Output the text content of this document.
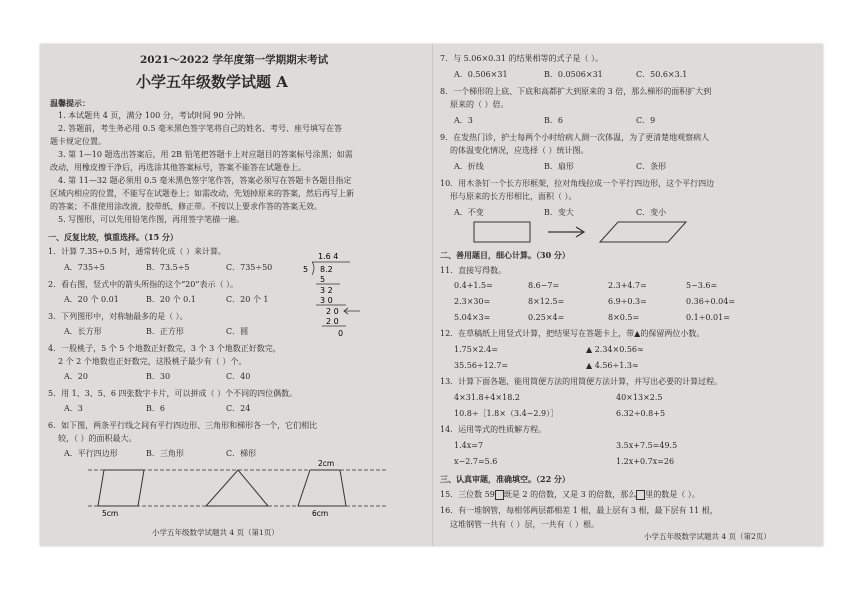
2021～2022 学年度第一学期期末考试
小学五年级数学试题 A
温馨提示：
1. 本试题共 4 页，满分 100 分，考试时间 90 分钟。
2. 答题前，考生务必用 0.5 毫米黑色签字笔将自己的姓名、考号、座号填写在答
题卡规定位置。
3. 第 1—10 题选出答案后，用 2B 铅笔把答题卡上对应题目的答案标号涂黑；如需
改动，用橡皮擦干净后，再选涂其他答案标号，答案不能答在试题卷上。
4. 第 11—32 题必须用 0.5 毫米黑色签字笔作答，答案必须写在答题卡各题目指定
区域内相应的位置，不能写在试题卷上；如需改动，先划掉原来的答案，然后再写上新
的答案；不准使用涂改液、胶带纸、修正带。不按以上要求作答的答案无效。
5. 写图形，可以先用铅笔作图，再用签字笔描一遍。
一、反复比较，慎重选择。（15 分）
1．计算 7.35÷0.5 时，通常转化成（ ）来计算。
A．735÷5	B．73.5÷5	C．735÷50
2．看右图，竖式中的箭头所指的这个“20”表示（ ）。
A．20 个 0.01	B．20 个 0.1	C．20 个 1
3．下列图形中，对称轴最多的是（ ）。
A．长方形	B．正方形	C．圆
4．一股桃子，5 个 5 个地数正好数完，3 个 3 个地数正好数完，
2 个 2 个地数也正好数完，这股桃子最少有（ ）个。
A．20	B．30	C．40
5．用 1、3、5、6 四张数字卡片，可以拼成（ ）个不同的四位偶数。
A．3	B．6	C．24
6．如下图，两条平行线之间有平行四边形、三角形和梯形各一个，它们相比
较，（ ）的面积最大。
A．平行四边形	B．三角形	C．梯形
1.6 4
5 8.2
5
3 2
3 0
2 0
2 0
0
2cm
5cm	6cm
小学五年级数学试题共 4 页（第1页）
7．与 5.06×0.31 的结果相等的式子是（ ）。
A．0.506×31	B．0.0506×31	C．50.6×3.1
8．一个梯形的上底、下底和高都扩大到原来的 3 倍，那么梯形的面积扩大到
原来的（ ）倍。
A．3	B．6	C．9
9．在发热门诊，护士每两个小时给病人测一次体温，为了更清楚地观察病人
的体温变化情况，应选择（ ）统计图。
A．折线	B．扇形	C．条形
10．用木条钉一个长方形框架，拉对角线拉成一个平行四边形，这个平行四边
形与原来的长方形相比，面积（ ）。
A．不变	B．变大	C．变小
二、善用题目，细心计算。（30 分）
11．直接写得数。
0.4+1.5=	8.6−7=	2.3+4.7=	5−3.6=
2.3×30=	8×12.5=	6.9÷0.3=	0.36÷0.04=
5.04×3=	0.25×4=	8×0.5=	0.1÷0.01=
12．在草稿纸上用竖式计算，把结果写在答题卡上，带▲的保留两位小数。
1.75×2.4=	▲ 2.34×0.56≈
35.56÷12.7=	▲ 4.56÷1.3≈
13．计算下面各题，能用简便方法的用简便方法计算，并写出必要的计算过程。
4×31.8+4×18.2	40×13×2.5
10.8÷［1.8×（3.4−2.9）］	6.32÷0.8+5
14．运用等式的性质解方程。
1.4x=7	3.5x+7.5=49.5
x−2.7=5.6	1.2x+0.7x=26
三、认真审题，准确填空。（22 分）
15．三位数 59 既是 2 的倍数，又是 3 的倍数，那么 里的数是（ ）。
16．有一堆钢管，每相邻两层都相差 1 根，最上层有 3 根，最下层有 11 根，
这堆钢管一共有（ ）层，一共有（ ）根。
小学五年级数学试题共 4 页（第2页）
